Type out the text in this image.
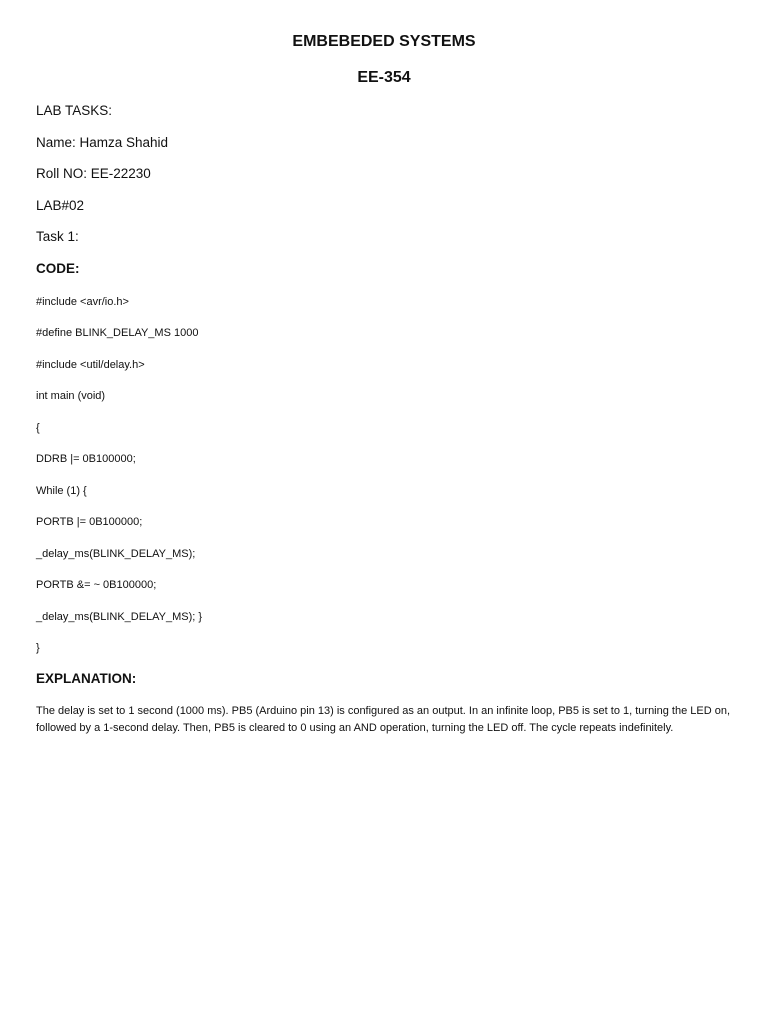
EMBEBEDED SYSTEMS
EE-354

LAB TASKS:

Name: Hamza Shahid

Roll NO: EE-22230

LAB#02

Task 1:

CODE:

#include <avr/io.h>

#define BLINK_DELAY_MS 1000

#include <util/delay.h>

int main (void)

{

DDRB |= 0B100000;

While (1) {

PORTB |= 0B100000;

_delay_ms(BLINK_DELAY_MS);

PORTB &= ~ 0B100000;

_delay_ms(BLINK_DELAY_MS); }

}

EXPLANATION:

The delay is set to 1 second (1000 ms). PB5 (Arduino pin 13) is configured as an output. In an infinite loop, PB5 is set to 1, turning the LED on, followed by a 1-second delay. Then, PB5 is cleared to 0 using an AND operation, turning the LED off. The cycle repeats indefinitely.
